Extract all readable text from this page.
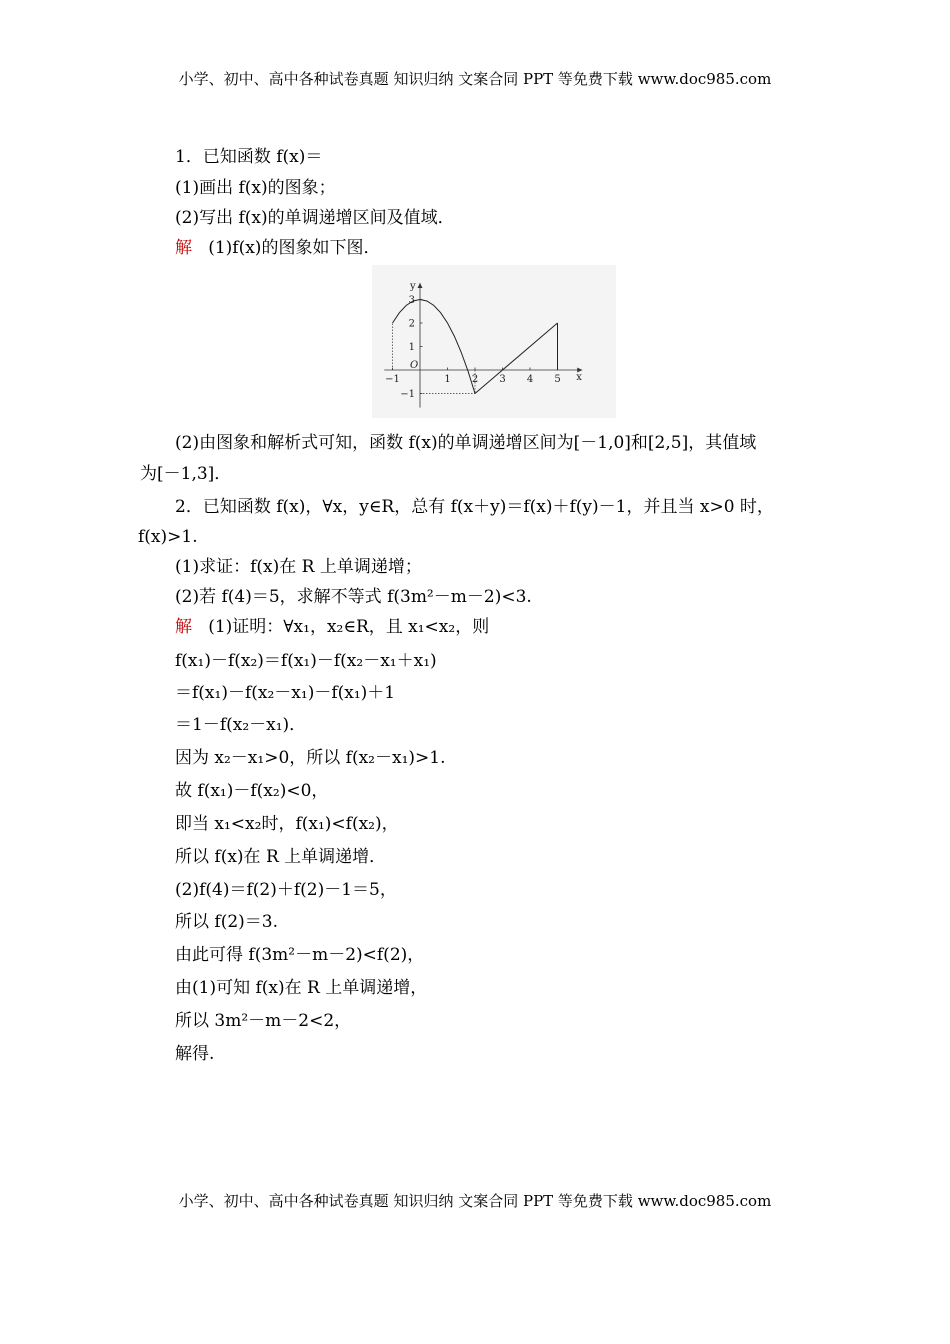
小学、初中、高中各种试卷真题 知识归纳 文案合同 PPT 等免费下载 www.doc985.com
1．已知函数 f(x)＝
(1)画出 f(x)的图象；
(2)写出 f(x)的单调递增区间及值域．
解 (1)f(x)的图象如下图．
x
y
−1	1 2 3 4 5
3
2
1
−1
O
(2)由图象和解析式可知，函数 f(x)的单调递增区间为[－1,0]和[2,5]，其值域
为[－1,3]．
2．已知函数 f(x)，∀x，y∈R，总有 f(x＋y)＝f(x)＋f(y)－1，并且当 x>0 时，
f(x)>1.
(1)求证：f(x)在 R 上单调递增；
(2)若 f(4)＝5，求解不等式 f(3m²－m－2)<3.
解 (1)证明：∀x₁，x₂∈R，且 x₁<x₂，则
f(x₁)－f(x₂)＝f(x₁)－f(x₂－x₁＋x₁)
＝f(x₁)－f(x₂－x₁)－f(x₁)＋1
＝1－f(x₂－x₁)．
因为 x₂－x₁>0，所以 f(x₂－x₁)>1.
故 f(x₁)－f(x₂)<0，
即当 x₁<x₂时，f(x₁)<f(x₂)，
所以 f(x)在 R 上单调递增．
(2)f(4)＝f(2)＋f(2)－1＝5，
所以 f(2)＝3.
由此可得 f(3m²－m－2)<f(2)，
由(1)可知 f(x)在 R 上单调递增，
所以 3m²－m－2<2，
解得.
小学、初中、高中各种试卷真题 知识归纳 文案合同 PPT 等免费下载 www.doc985.com
